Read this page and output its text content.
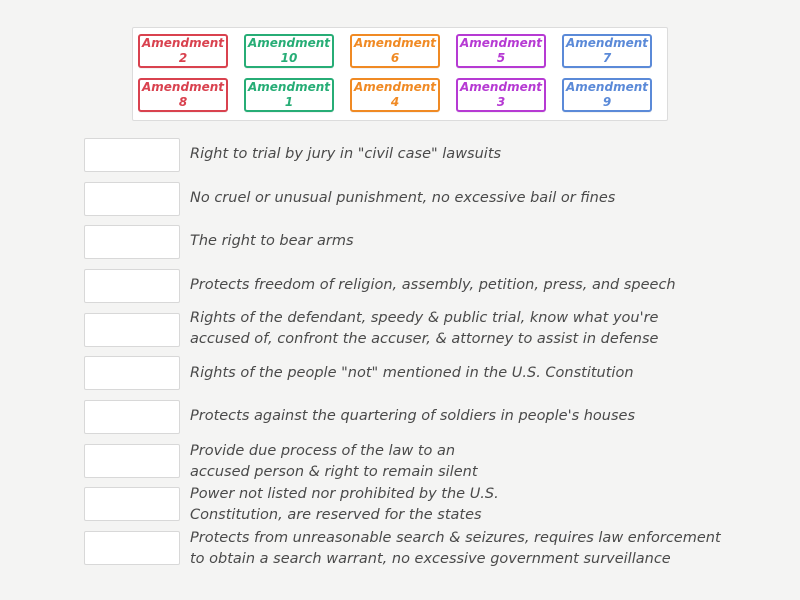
Amendment 2
Amendment 10
Amendment 6
Amendment 5
Amendment 7
Amendment 8
Amendment 1
Amendment 4
Amendment 3
Amendment 9
Right to trial by jury in "civil case" lawsuits
No cruel or unusual punishment, no excessive bail or fines
The right to bear arms
Protects freedom of religion, assembly, petition, press, and speech
Rights of the defendant, speedy & public trial, know what you're
accused of, confront the accuser, & attorney to assist in defense
Rights of the people "not" mentioned in the U.S. Constitution
Protects against the quartering of soldiers in people's houses
Provide due process of the law to an
accused person & right to remain silent
Power not listed nor prohibited by the U.S.
Constitution, are reserved for the states
Protects from unreasonable search & seizures, requires law enforcement
to obtain a search warrant, no excessive government surveillance
